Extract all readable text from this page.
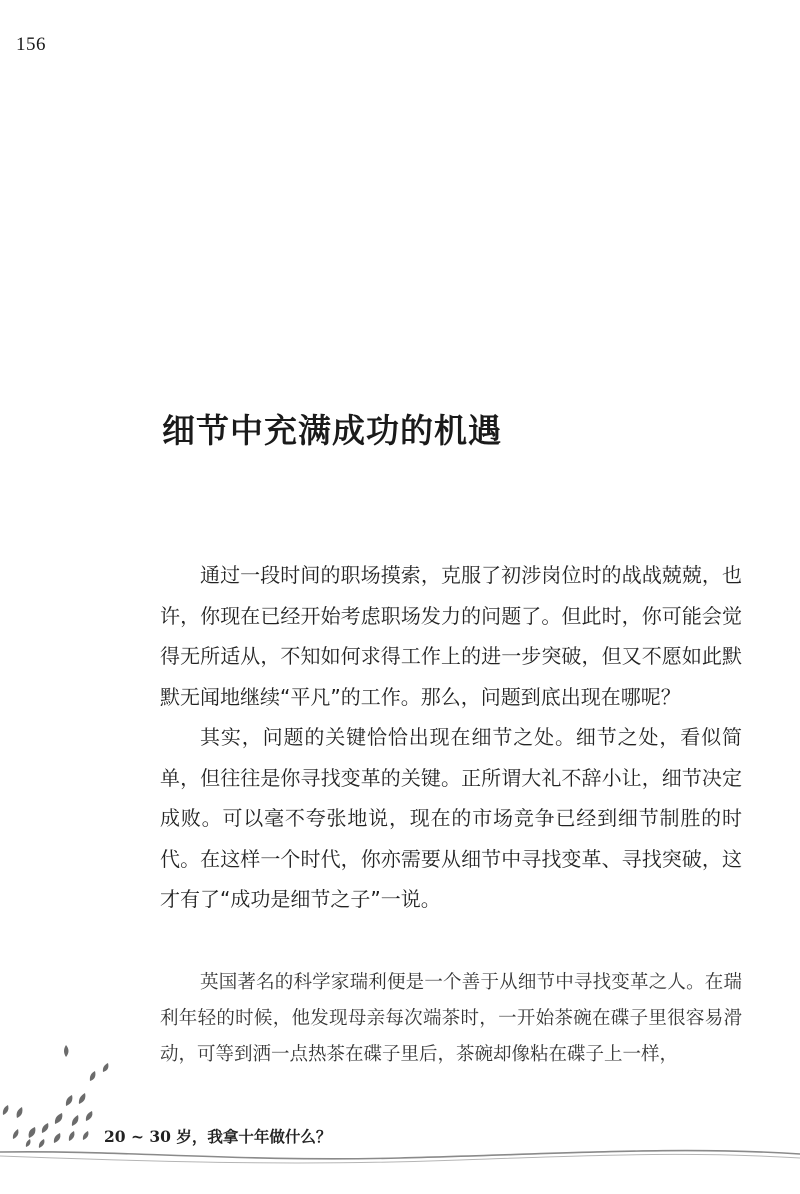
156
细节中充满成功的机遇

通过一段时间的职场摸索，克服了初涉岗位时的战战兢兢，也许，你现在已经开始考虑职场发力的问题了。但此时，你可能会觉得无所适从，不知如何求得工作上的进一步突破，但又不愿如此默默无闻地继续“平凡”的工作。那么，问题到底出现在哪呢？

其实，问题的关键恰恰出现在细节之处。细节之处，看似简单，但往往是你寻找变革的关键。正所谓大礼不辞小让，细节决定成败。可以毫不夸张地说，现在的市场竞争已经到细节制胜的时代。在这样一个时代，你亦需要从细节中寻找变革、寻找突破，这才有了“成功是细节之子”一说。

英国著名的科学家瑞利便是一个善于从细节中寻找变革之人。在瑞利年轻的时候，他发现母亲每次端茶时，一开始茶碗在碟子里很容易滑动，可等到洒一点热茶在碟子里后，茶碗却像粘在碟子上一样，

20 ~ 30 岁，我拿十年做什么？
